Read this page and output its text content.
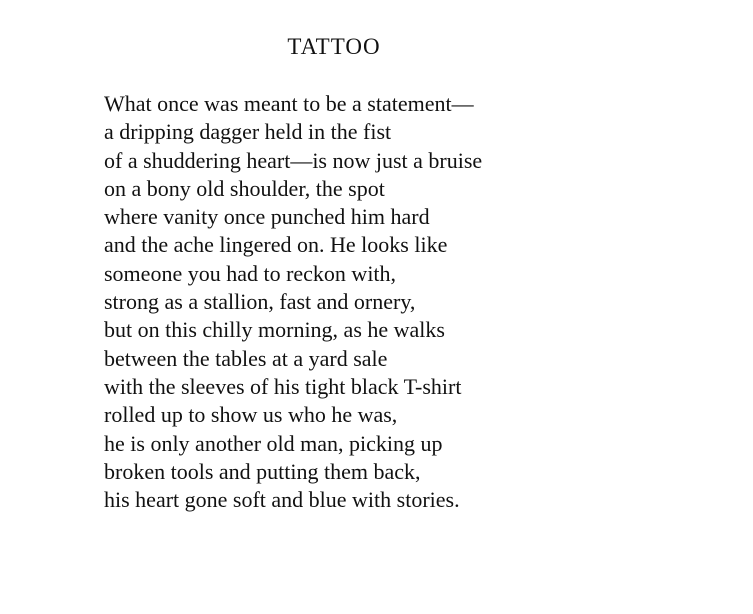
TATTOO
What once was meant to be a statement—
a dripping dagger held in the fist
of a shuddering heart—is now just a bruise
on a bony old shoulder, the spot
where vanity once punched him hard
and the ache lingered on. He looks like
someone you had to reckon with,
strong as a stallion, fast and ornery,
but on this chilly morning, as he walks
between the tables at a yard sale
with the sleeves of his tight black T-shirt
rolled up to show us who he was,
he is only another old man, picking up
broken tools and putting them back,
his heart gone soft and blue with stories.
